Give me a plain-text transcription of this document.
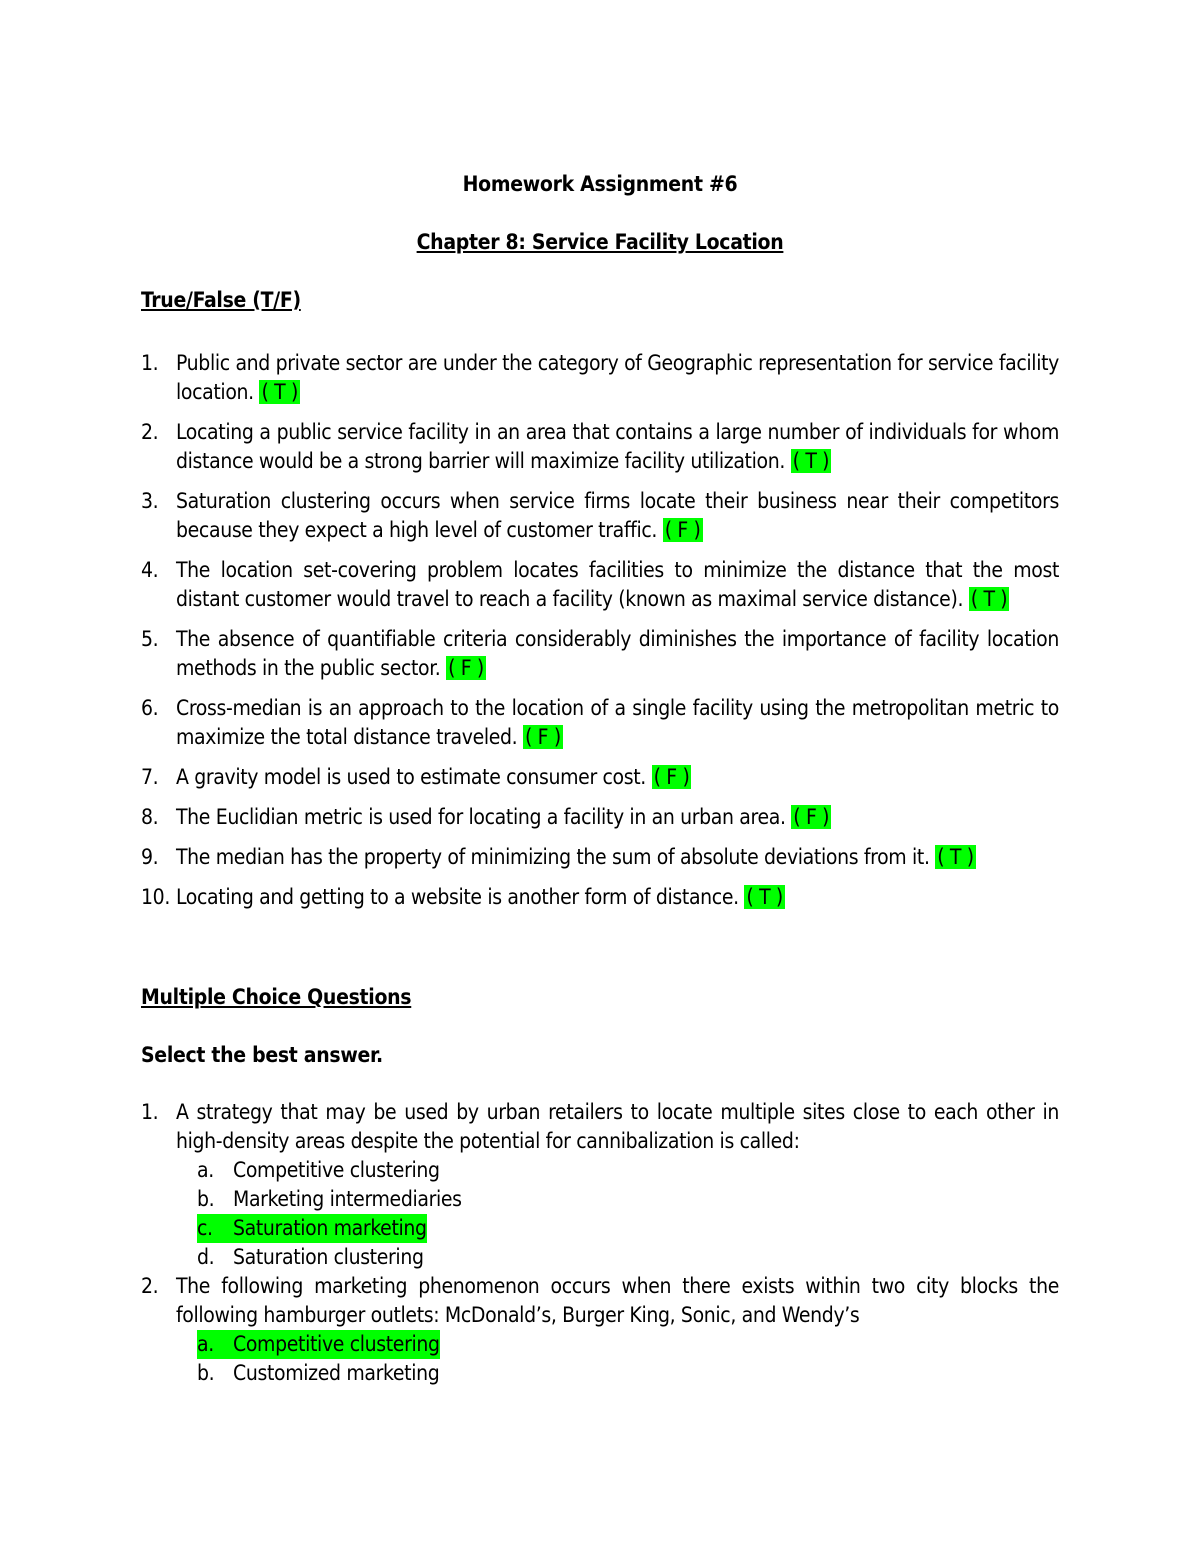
Homework Assignment #6
Chapter 8: Service Facility Location
True/False (T/F)
1. Public and private sector are under the category of Geographic representation for service facility location. ( T )
2. Locating a public service facility in an area that contains a large number of individuals for whom distance would be a strong barrier will maximize facility utilization. ( T )
3. Saturation clustering occurs when service firms locate their business near their competitors because they expect a high level of customer traffic. ( F )
4. The location set-covering problem locates facilities to minimize the distance that the most distant customer would travel to reach a facility (known as maximal service distance). ( T )
5. The absence of quantifiable criteria considerably diminishes the importance of facility location methods in the public sector. ( F )
6. Cross-median is an approach to the location of a single facility using the metropolitan metric to maximize the total distance traveled. ( F )
7. A gravity model is used to estimate consumer cost. ( F )
8. The Euclidian metric is used for locating a facility in an urban area. ( F )
9. The median has the property of minimizing the sum of absolute deviations from it. ( T )
10. Locating and getting to a website is another form of distance. ( T )
Multiple Choice Questions
Select the best answer.
1. A strategy that may be used by urban retailers to locate multiple sites close to each other in high-density areas despite the potential for cannibalization is called:
a. Competitive clustering
b. Marketing intermediaries
c. Saturation marketing
d. Saturation clustering
2. The following marketing phenomenon occurs when there exists within two city blocks the following hamburger outlets: McDonald’s, Burger King, Sonic, and Wendy’s
a. Competitive clustering
b. Customized marketing
